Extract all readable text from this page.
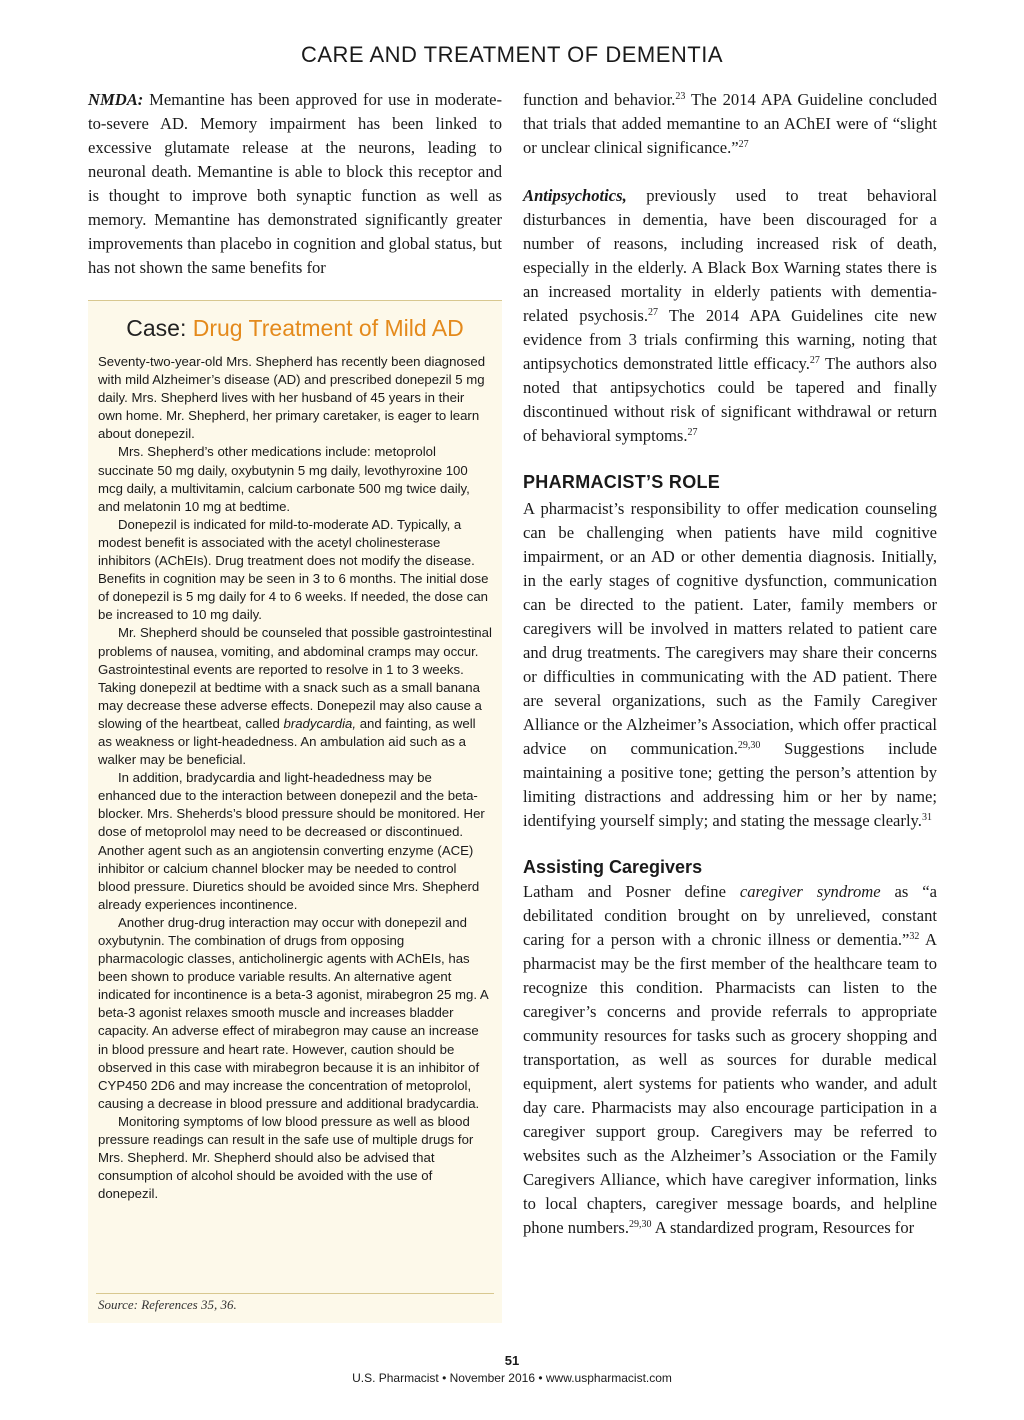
CARE AND TREATMENT OF DEMENTIA

NMDA: Memantine has been approved for use in moderate-to-severe AD. Memory impairment has been linked to excessive glutamate release at the neurons, leading to neuronal death. Memantine is able to block this receptor and is thought to improve both synaptic function as well as memory. Memantine has demonstrated significantly greater improvements than placebo in cognition and global status, but has not shown the same benefits for

Case: Drug Treatment of Mild AD

Seventy-two-year-old Mrs. Shepherd has recently been diagnosed with mild Alzheimer’s disease (AD) and prescribed donepezil 5 mg daily. Mrs. Shepherd lives with her husband of 45 years in their own home. Mr. Shepherd, her primary caretaker, is eager to learn about donepezil.

Mrs. Shepherd’s other medications include: metoprolol succinate 50 mg daily, oxybutynin 5 mg daily, levothyroxine 100 mcg daily, a multivitamin, calcium carbonate 500 mg twice daily, and melatonin 10 mg at bedtime.

Donepezil is indicated for mild-to-moderate AD. Typically, a modest benefit is associated with the acetyl cholinesterase inhibitors (AChEIs). Drug treatment does not modify the disease. Benefits in cognition may be seen in 3 to 6 months. The initial dose of donepezil is 5 mg daily for 4 to 6 weeks. If needed, the dose can be increased to 10 mg daily.

Mr. Shepherd should be counseled that possible gastrointestinal problems of nausea, vomiting, and abdominal cramps may occur. Gastrointestinal events are reported to resolve in 1 to 3 weeks. Taking donepezil at bedtime with a snack such as a small banana may decrease these adverse effects. Donepezil may also cause a slowing of the heartbeat, called bradycardia, and fainting, as well as weakness or light-headedness. An ambulation aid such as a walker may be beneficial.

In addition, bradycardia and light-headedness may be enhanced due to the interaction between donepezil and the beta-blocker. Mrs. Sheherds’s blood pressure should be monitored. Her dose of metoprolol may need to be decreased or discontinued. Another agent such as an angiotensin converting enzyme (ACE) inhibitor or calcium channel blocker may be needed to control blood pressure. Diuretics should be avoided since Mrs. Shepherd already experiences incontinence.

Another drug-drug interaction may occur with donepezil and oxybutynin. The combination of drugs from opposing pharmacologic classes, anticholinergic agents with AChEIs, has been shown to produce variable results. An alternative agent indicated for incontinence is a beta-3 agonist, mirabegron 25 mg. A beta-3 agonist relaxes smooth muscle and increases bladder capacity. An adverse effect of mirabegron may cause an increase in blood pressure and heart rate. However, caution should be observed in this case with mirabegron because it is an inhibitor of CYP450 2D6 and may increase the concentration of metoprolol, causing a decrease in blood pressure and additional bradycardia.

Monitoring symptoms of low blood pressure as well as blood pressure readings can result in the safe use of multiple drugs for Mrs. Shepherd. Mr. Shepherd should also be advised that consumption of alcohol should be avoided with the use of donepezil.

Source: References 35, 36.

function and behavior.$^{23}$ The 2014 APA Guideline concluded that trials that added memantine to an AChEI were of “slight or unclear clinical significance.”$^{27}$

Antipsychotics, previously used to treat behavioral disturbances in dementia, have been discouraged for a number of reasons, including increased risk of death, especially in the elderly. A Black Box Warning states there is an increased mortality in elderly patients with dementia-related psychosis.$^{27}$ The 2014 APA Guidelines cite new evidence from 3 trials confirming this warning, noting that antipsychotics demonstrated little efficacy.$^{27}$ The authors also noted that antipsychotics could be tapered and finally discontinued without risk of significant withdrawal or return of behavioral symptoms.$^{27}$

PHARMACIST’S ROLE

A pharmacist’s responsibility to offer medication counseling can be challenging when patients have mild cognitive impairment, or an AD or other dementia diagnosis. Initially, in the early stages of cognitive dysfunction, communication can be directed to the patient. Later, family members or caregivers will be involved in matters related to patient care and drug treatments. The caregivers may share their concerns or difficulties in communicating with the AD patient. There are several organizations, such as the Family Caregiver Alliance or the Alzheimer’s Association, which offer practical advice on communication.$^{29,30}$ Suggestions include maintaining a positive tone; getting the person’s attention by limiting distractions and addressing him or her by name; identifying yourself simply; and stating the message clearly.$^{31}$

Assisting Caregivers

Latham and Posner define caregiver syndrome as “a debilitated condition brought on by unrelieved, constant caring for a person with a chronic illness or dementia.”$^{32}$ A pharmacist may be the first member of the healthcare team to recognize this condition. Pharmacists can listen to the caregiver’s concerns and provide referrals to appropriate community resources for tasks such as grocery shopping and transportation, as well as sources for durable medical equipment, alert systems for patients who wander, and adult day care. Pharmacists may also encourage participation in a caregiver support group. Caregivers may be referred to websites such as the Alzheimer’s Association or the Family Caregivers Alliance, which have caregiver information, links to local chapters, caregiver message boards, and helpline phone numbers.$^{29,30}$ A standardized program, Resources for

51
U.S. Pharmacist • November 2016 • www.uspharmacist.com
